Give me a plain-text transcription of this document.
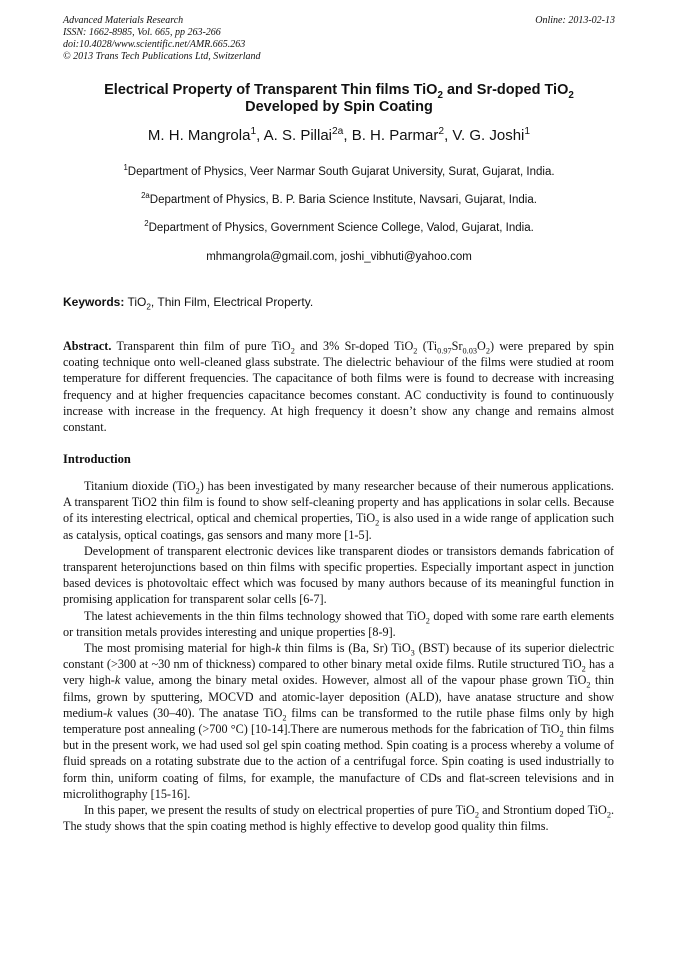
Advanced Materials Research
ISSN: 1662-8985, Vol. 665, pp 263-266
doi:10.4028/www.scientific.net/AMR.665.263
© 2013 Trans Tech Publications Ltd, Switzerland
Online: 2013-02-13
Electrical Property of Transparent Thin films TiO$_2$ and Sr-doped TiO$_2$
Developed by Spin Coating
M. H. Mangrola$^1$, A. S. Pillai$^{2a}$, B. H. Parmar$^2$, V. G. Joshi$^1$
$^1$Department of Physics, Veer Narmar South Gujarat University, Surat, Gujarat, India.
$^{2a}$Department of Physics, B. P. Baria Science Institute, Navsari, Gujarat, India.
$^2$Department of Physics, Government Science College, Valod, Gujarat, India.
mhmangrola@gmail.com, joshi_vibhuti@yahoo.com
Keywords: TiO$_2$, Thin Film, Electrical Property.

Abstract. Transparent thin film of pure TiO$_2$ and 3% Sr-doped TiO$_2$ $(Ti_{0.97}Sr_{0.03}O_2)$ were prepared by spin coating technique onto well-cleaned glass substrate. The dielectric behaviour of the films were studied at room temperature for different frequencies. The capacitance of both films were is found to decrease with increasing frequency and at higher frequencies capacitance becomes constant. AC conductivity is found to continuously increase with increase in the frequency. At high frequency it doesn’t show any change and remains almost constant.

Introduction

Titanium dioxide (TiO$_2$) has been investigated by many researcher because of their numerous applications. A transparent TiO2 thin film is found to show self-cleaning property and has applications in solar cells. Because of its interesting electrical, optical and chemical properties, TiO$_2$ is also used in a wide range of application such as catalysis, optical coatings, gas sensors and many more [1-5].

Development of transparent electronic devices like transparent diodes or transistors demands fabrication of transparent heterojunctions based on thin films with specific properties. Especially important aspect in junction based devices is photovoltaic effect which was focused by many authors because of its meaningful function in promising application for transparent solar cells [6-7].

The latest achievements in the thin films technology showed that TiO$_2$ doped with some rare earth elements or transition metals provides interesting and unique properties [8-9].

The most promising material for high-k thin films is (Ba, Sr) TiO$_3$ (BST) because of its superior dielectric constant (>300 at ~30 nm of thickness) compared to other binary metal oxide films. Rutile structured TiO$_2$ has a very high-k value, among the binary metal oxides. However, almost all of the vapour phase grown TiO$_2$ thin films, grown by sputtering, MOCVD and atomic-layer deposition (ALD), have anatase structure and show medium-k values (30–40). The anatase TiO$_2$ films can be transformed to the rutile phase films only by high temperature post annealing (>700 °C) [10-14].There are numerous methods for the fabrication of TiO$_2$ thin films but in the present work, we had used sol gel spin coating method. Spin coating is a process whereby a volume of fluid spreads on a rotating substrate due to the action of a centrifugal force. Spin coating is used industrially to form thin, uniform coating of films, for example, the manufacture of CDs and flat-screen televisions and in microlithography [15-16].

In this paper, we present the results of study on electrical properties of pure TiO$_2$ and Strontium doped TiO$_2$. The study shows that the spin coating method is highly effective to develop good quality thin films.
